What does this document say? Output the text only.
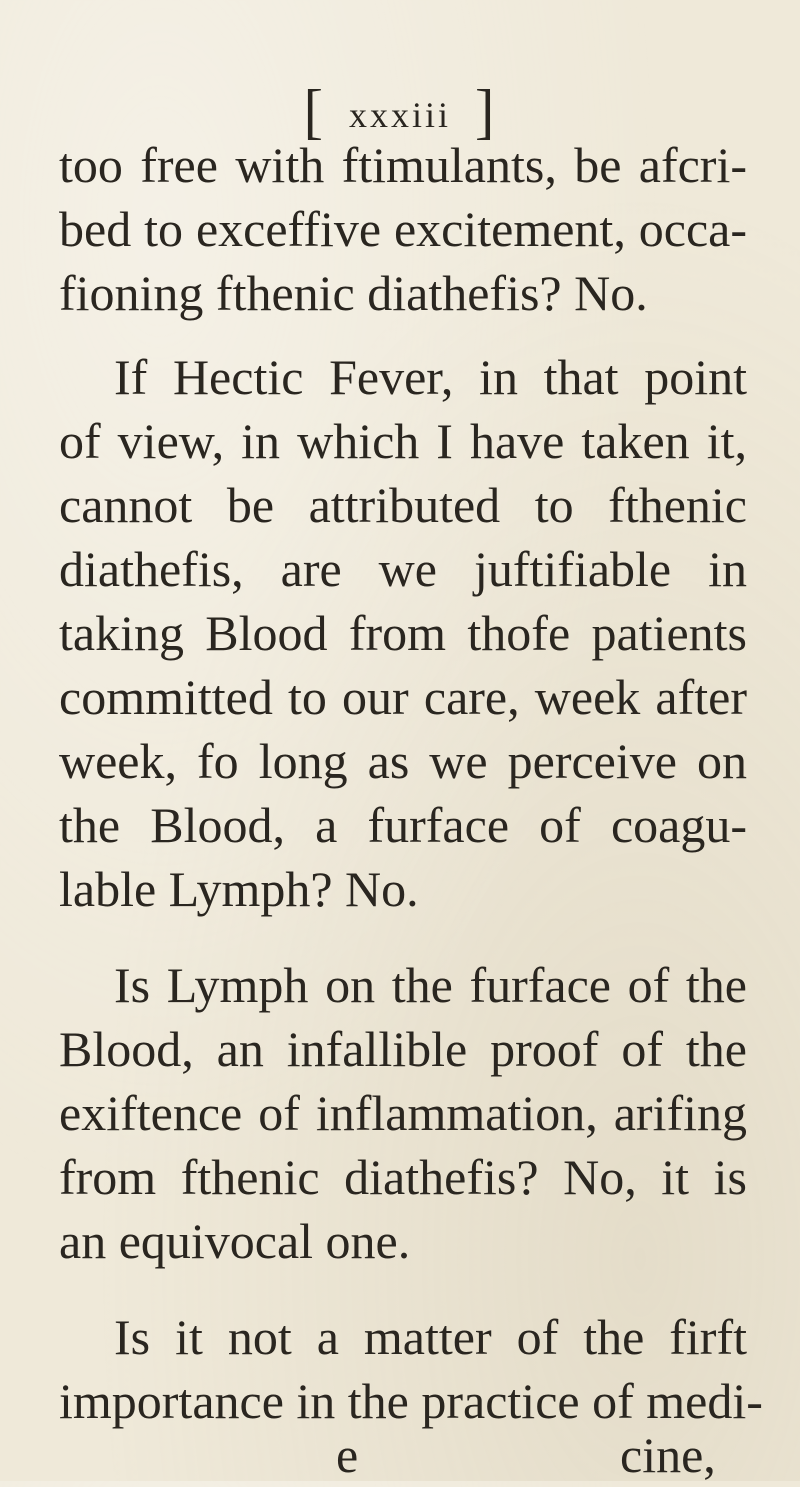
[ xxxiii ]
too free with ftimulants, be afcri-
bed to exceffive excitement, occa-
fioning fthenic diathefis? No.
If Hectic Fever, in that point
of view, in which I have taken it,
cannot be attributed to fthenic
diathefis, are we juftifiable in
taking Blood from thofe patients
committed to our care, week after
week, fo long as we perceive on
the Blood, a furface of coagu-
lable Lymph? No.
Is Lymph on the furface of the
Blood, an infallible proof of the
exiftence of inflammation, arifing
from fthenic diathefis? No, it is
an equivocal one.
Is it not a matter of the firft
importance in the practice of medi-
e	cine,
